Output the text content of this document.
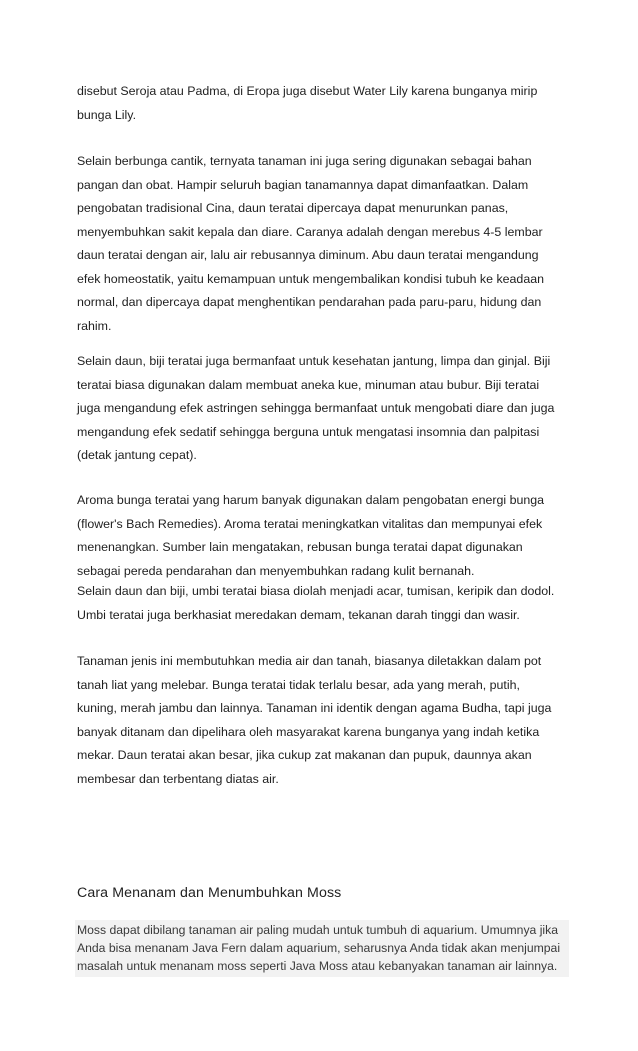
disebut Seroja atau Padma, di Eropa juga disebut Water Lily karena bunganya mirip bunga Lily.

Selain berbunga cantik, ternyata tanaman ini juga sering digunakan sebagai bahan pangan dan obat. Hampir seluruh bagian tanamannya dapat dimanfaatkan. Dalam pengobatan tradisional Cina, daun teratai dipercaya dapat menurunkan panas, menyembuhkan sakit kepala dan diare. Caranya adalah dengan merebus 4-5 lembar daun teratai dengan air, lalu air rebusannya diminum. Abu daun teratai mengandung efek homeostatik, yaitu kemampuan untuk mengembalikan kondisi tubuh ke keadaan normal, dan dipercaya dapat menghentikan pendarahan pada paru-paru, hidung dan rahim.

Selain daun, biji teratai juga bermanfaat untuk kesehatan jantung, limpa dan ginjal. Biji teratai biasa digunakan dalam membuat aneka kue, minuman atau bubur. Biji teratai juga mengandung efek astringen sehingga bermanfaat untuk mengobati diare dan juga mengandung efek sedatif sehingga berguna untuk mengatasi insomnia dan palpitasi (detak jantung cepat).

Aroma bunga teratai yang harum banyak digunakan dalam pengobatan energi bunga (flower's Bach Remedies). Aroma teratai meningkatkan vitalitas dan mempunyai efek menenangkan. Sumber lain mengatakan, rebusan bunga teratai dapat digunakan sebagai pereda pendarahan dan menyembuhkan radang kulit bernanah.

Selain daun dan biji, umbi teratai biasa diolah menjadi acar, tumisan, keripik dan dodol. Umbi teratai juga berkhasiat meredakan demam, tekanan darah tinggi dan wasir.

Tanaman jenis ini membutuhkan media air dan tanah, biasanya diletakkan dalam pot tanah liat yang melebar. Bunga teratai tidak terlalu besar, ada yang merah, putih, kuning, merah jambu dan lainnya. Tanaman ini identik dengan agama Budha, tapi juga banyak ditanam dan dipelihara oleh masyarakat karena bunganya yang indah ketika mekar. Daun teratai akan besar, jika cukup zat makanan dan pupuk, daunnya akan membesar dan terbentang diatas air.

Cara Menanam dan Menumbuhkan Moss

Moss dapat dibilang tanaman air paling mudah untuk tumbuh di aquarium. Umumnya jika Anda bisa menanam Java Fern dalam aquarium, seharusnya Anda tidak akan menjumpai masalah untuk menanam moss seperti Java Moss atau kebanyakan tanaman air lainnya.
